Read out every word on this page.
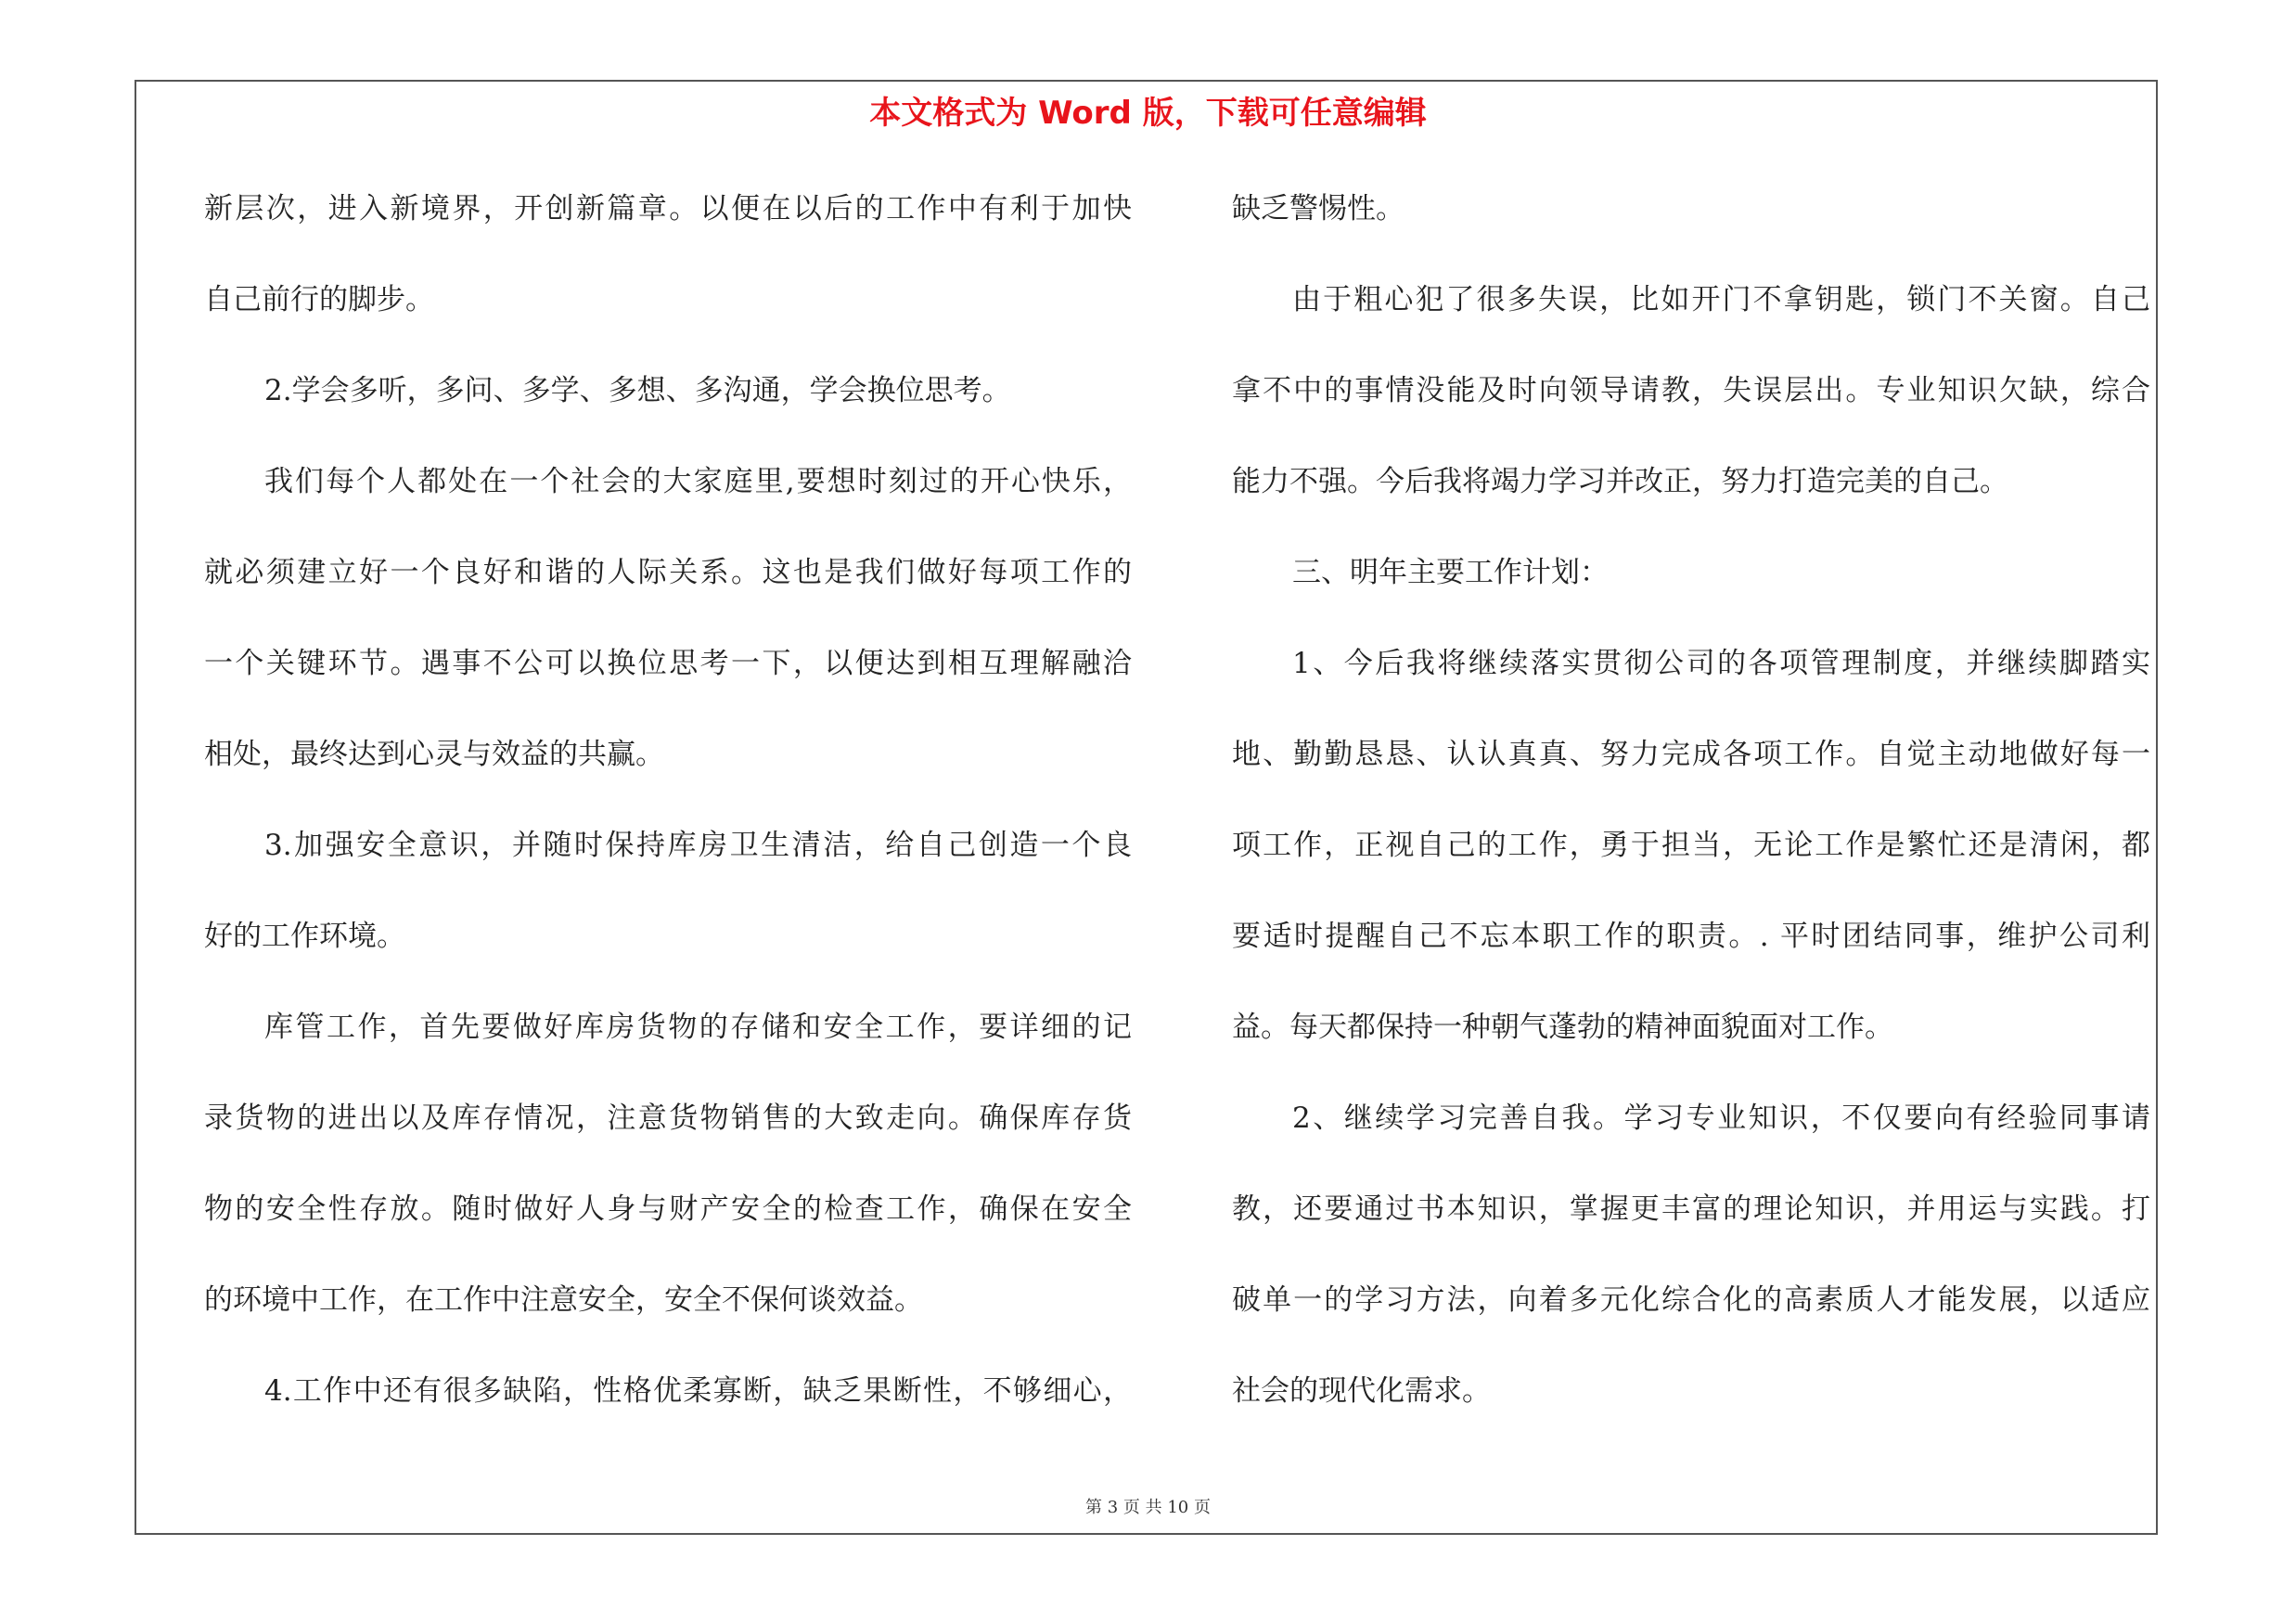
本文格式为 Word 版，下载可任意编辑
新层次，进入新境界，开创新篇章。以便在以后的工作中有利于加快
自己前行的脚步。
2.学会多听，多问、多学、多想、多沟通，学会换位思考。
我们每个人都处在一个社会的大家庭里,要想时刻过的开心快乐，
就必须建立好一个良好和谐的人际关系。这也是我们做好每项工作的
一个关键环节。遇事不公可以换位思考一下，以便达到相互理解融洽
相处，最终达到心灵与效益的共赢。
3.加强安全意识，并随时保持库房卫生清洁，给自己创造一个良
好的工作环境。
库管工作，首先要做好库房货物的存储和安全工作，要详细的记
录货物的进出以及库存情况，注意货物销售的大致走向。确保库存货
物的安全性存放。随时做好人身与财产安全的检查工作，确保在安全
的环境中工作，在工作中注意安全，安全不保何谈效益。
4.工作中还有很多缺陷，性格优柔寡断，缺乏果断性，不够细心，
缺乏警惕性。
由于粗心犯了很多失误，比如开门不拿钥匙，锁门不关窗。自己
拿不中的事情没能及时向领导请教，失误层出。专业知识欠缺，综合
能力不强。今后我将竭力学习并改正，努力打造完美的自己。
三、明年主要工作计划：
1、今后我将继续落实贯彻公司的各项管理制度，并继续脚踏实
地、勤勤恳恳、认认真真、努力完成各项工作。自觉主动地做好每一
项工作，正视自己的工作，勇于担当，无论工作是繁忙还是清闲，都
要适时提醒自己不忘本职工作的职责。. 平时团结同事，维护公司利
益。每天都保持一种朝气蓬勃的精神面貌面对工作。
2、继续学习完善自我。学习专业知识，不仅要向有经验同事请
教，还要通过书本知识，掌握更丰富的理论知识，并用运与实践。打
破单一的学习方法，向着多元化综合化的高素质人才能发展，以适应
社会的现代化需求。
第 3 页 共 10 页
